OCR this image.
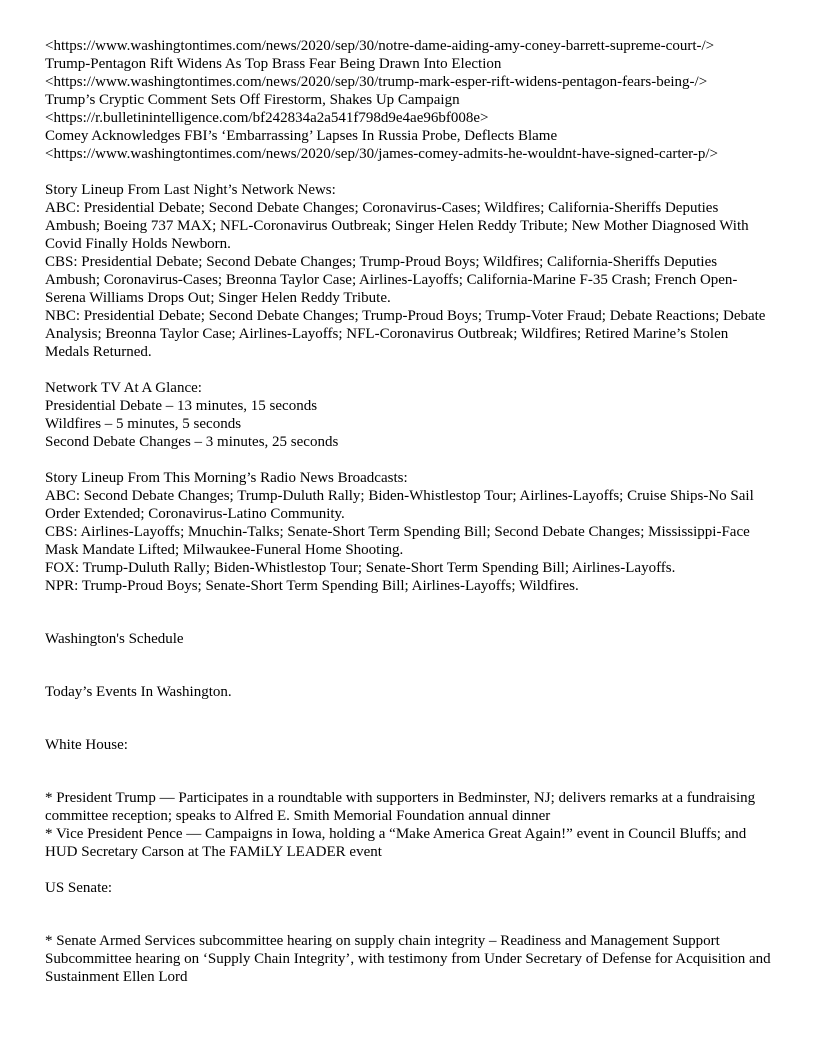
<https://www.washingtontimes.com/news/2020/sep/30/notre-dame-aiding-amy-coney-barrett-supreme-court-/>
Trump-Pentagon Rift Widens As Top Brass Fear Being Drawn Into Election
<https://www.washingtontimes.com/news/2020/sep/30/trump-mark-esper-rift-widens-pentagon-fears-being-/>
Trump’s Cryptic Comment Sets Off Firestorm, Shakes Up Campaign
<https://r.bulletinintelligence.com/bf242834a2a541f798d9e4ae96bf008e>
Comey Acknowledges FBI’s ‘Embarrassing’ Lapses In Russia Probe, Deflects Blame
<https://www.washingtontimes.com/news/2020/sep/30/james-comey-admits-he-wouldnt-have-signed-carter-p/>
Story Lineup From Last Night’s Network News:

ABC: Presidential Debate; Second Debate Changes; Coronavirus-Cases; Wildfires; California-Sheriffs Deputies Ambush; Boeing 737 MAX; NFL-Coronavirus Outbreak; Singer Helen Reddy Tribute; New Mother Diagnosed With Covid Finally Holds Newborn.

CBS: Presidential Debate; Second Debate Changes; Trump-Proud Boys; Wildfires; California-Sheriffs Deputies Ambush; Coronavirus-Cases; Breonna Taylor Case; Airlines-Layoffs; California-Marine F-35 Crash; French Open-Serena Williams Drops Out; Singer Helen Reddy Tribute.

NBC: Presidential Debate; Second Debate Changes; Trump-Proud Boys; Trump-Voter Fraud; Debate Reactions; Debate Analysis; Breonna Taylor Case; Airlines-Layoffs; NFL-Coronavirus Outbreak; Wildfires; Retired Marine’s Stolen Medals Returned.

Network TV At A Glance:
Presidential Debate – 13 minutes, 15 seconds
Wildfires – 5 minutes, 5 seconds
Second Debate Changes – 3 minutes, 25 seconds
Story Lineup From This Morning’s Radio News Broadcasts:

ABC: Second Debate Changes; Trump-Duluth Rally; Biden-Whistlestop Tour; Airlines-Layoffs; Cruise Ships-No Sail Order Extended; Coronavirus-Latino Community.

CBS: Airlines-Layoffs; Mnuchin-Talks; Senate-Short Term Spending Bill; Second Debate Changes; Mississippi-Face Mask Mandate Lifted; Milwaukee-Funeral Home Shooting.

FOX: Trump-Duluth Rally; Biden-Whistlestop Tour; Senate-Short Term Spending Bill; Airlines-Layoffs.

NPR: Trump-Proud Boys; Senate-Short Term Spending Bill; Airlines-Layoffs; Wildfires.

Washington's Schedule
Today’s Events In Washington.
White House:

* President Trump — Participates in a roundtable with supporters in Bedminster, NJ; delivers remarks at a fundraising committee reception; speaks to Alfred E. Smith Memorial Foundation annual dinner

* Vice President Pence — Campaigns in Iowa, holding a “Make America Great Again!” event in Council Bluffs; and HUD Secretary Carson at The FAMiLY LEADER event

US Senate:

* Senate Armed Services subcommittee hearing on supply chain integrity – Readiness and Management Support Subcommittee hearing on ‘Supply Chain Integrity’, with testimony from Under Secretary of Defense for Acquisition and Sustainment Ellen Lord
